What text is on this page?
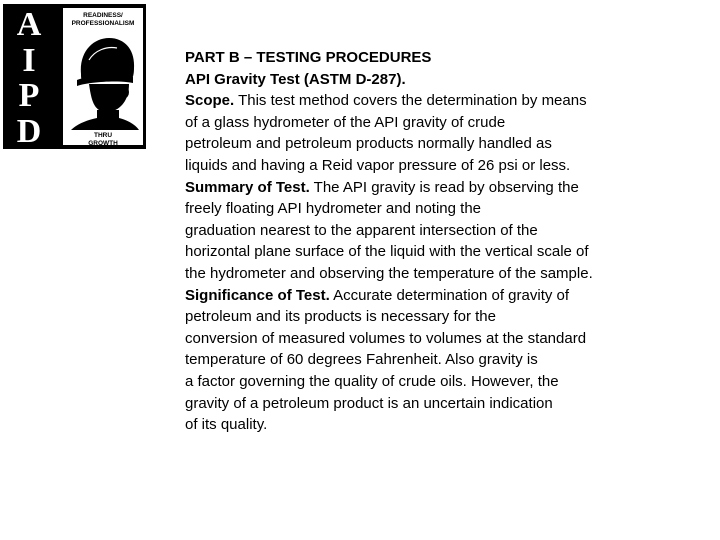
A
I
P
D
READINESS/
PROFESSIONALISM
THRU
GROWTH
PART B – TESTING PROCEDURES
API Gravity Test (ASTM D-287).
Scope. This test method covers the determination by means
of a glass hydrometer of the API gravity of crude
petroleum and petroleum products normally handled as
liquids and having a Reid vapor pressure of 26 psi or less.
Summary of Test. The API gravity is read by observing the
freely floating API hydrometer and noting the
graduation nearest to the apparent intersection of the
horizontal plane surface of the liquid with the vertical scale of
the hydrometer and observing the temperature of the sample.
Significance of Test. Accurate determination of gravity of
petroleum and its products is necessary for the
conversion of measured volumes to volumes at the standard
temperature of 60 degrees Fahrenheit. Also gravity is
a factor governing the quality of crude oils. However, the
gravity of a petroleum product is an uncertain indication
of its quality.
